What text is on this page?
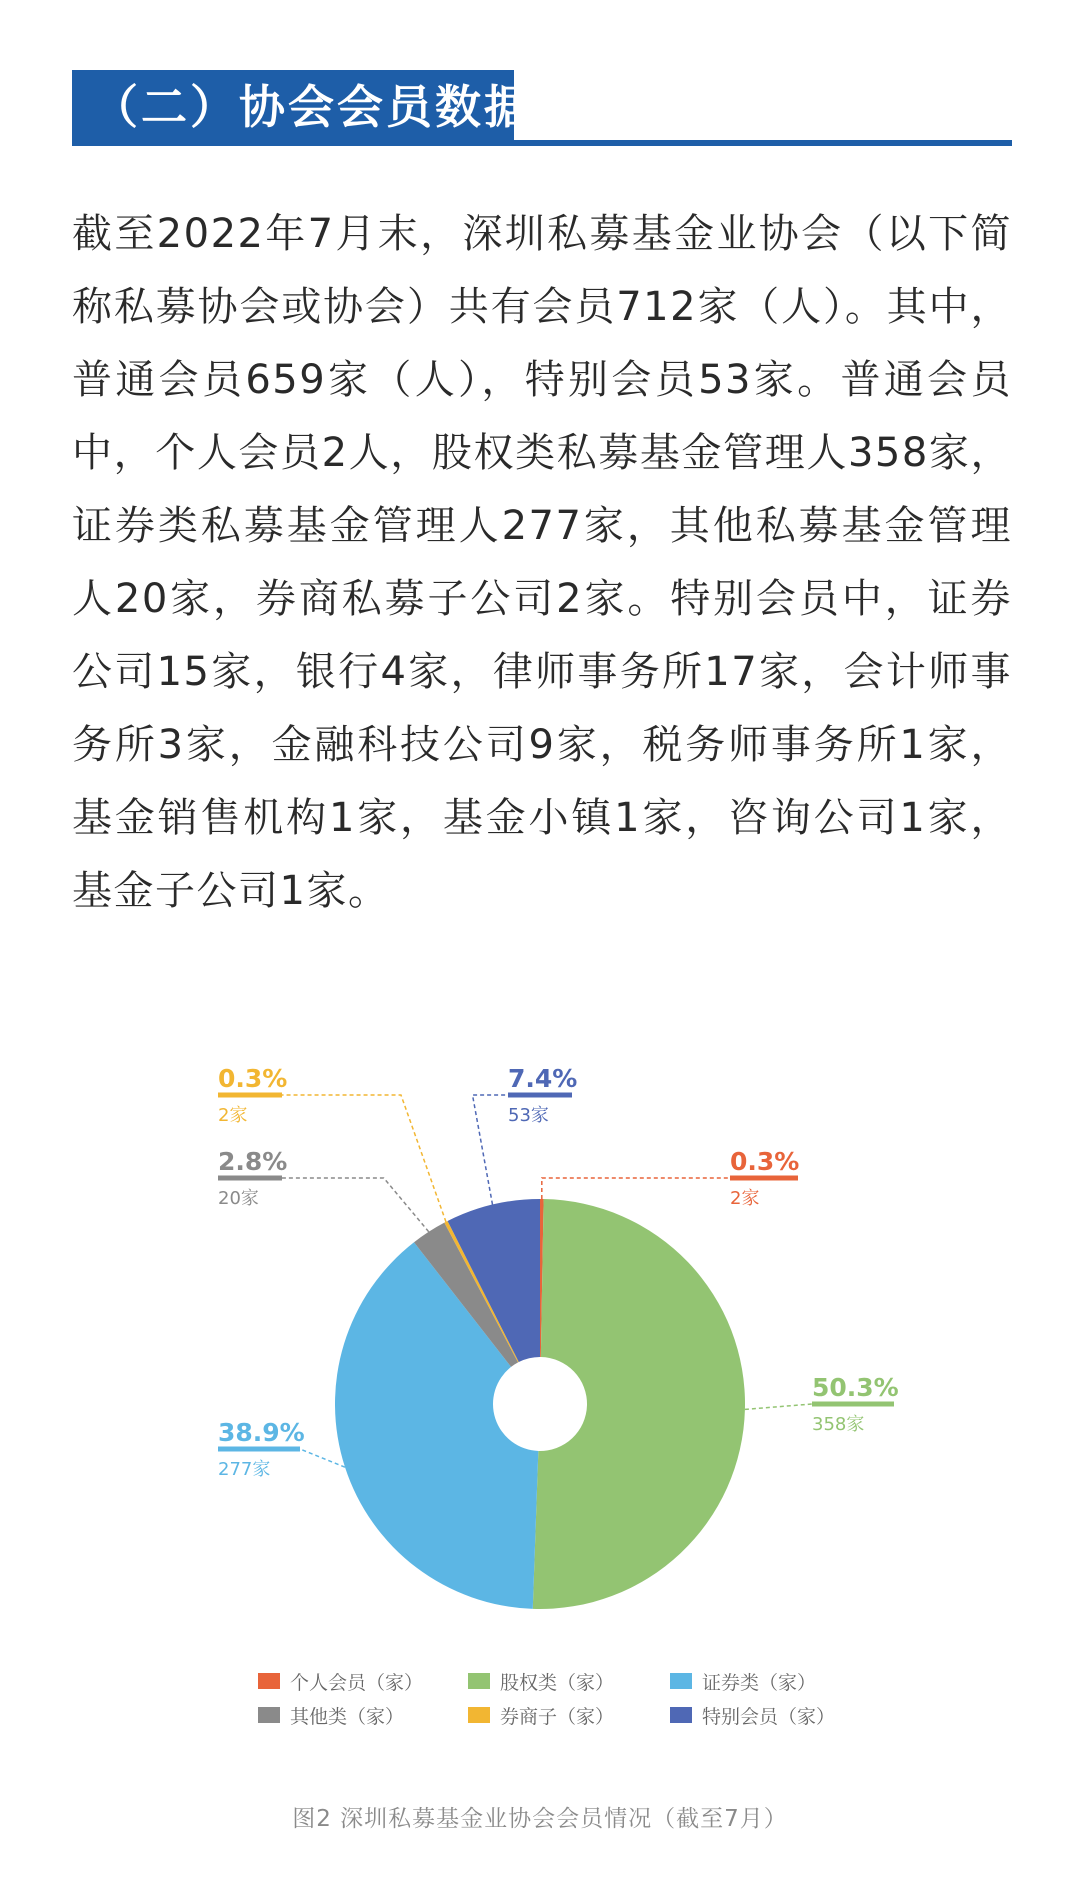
（二）协会会员数据

截至2022年7月末，深圳私募基金业协会（以下简称私募协会或协会）共有会员712家（人）。其中，普通会员659家（人），特别会员53家。普通会员中，个人会员2人，股权类私募基金管理人358家，证券类私募基金管理人277家，其他私募基金管理人20家，券商私募子公司2家。特别会员中，证券公司15家，银行4家，律师事务所17家，会计师事务所3家，金融科技公司9家，税务师事务所1家，基金销售机构1家，基金小镇1家，咨询公司1家，基金子公司1家。

0.3%
2家
50.3%
358家
38.9%
277家
2.8%
20家
0.3%
2家
7.4%
53家
个人会员（家）	股权类（家）	证券类（家）
其他类（家）	券商子（家）	特别会员（家）
图2 深圳私募基金业协会会员情况（截至7月）
